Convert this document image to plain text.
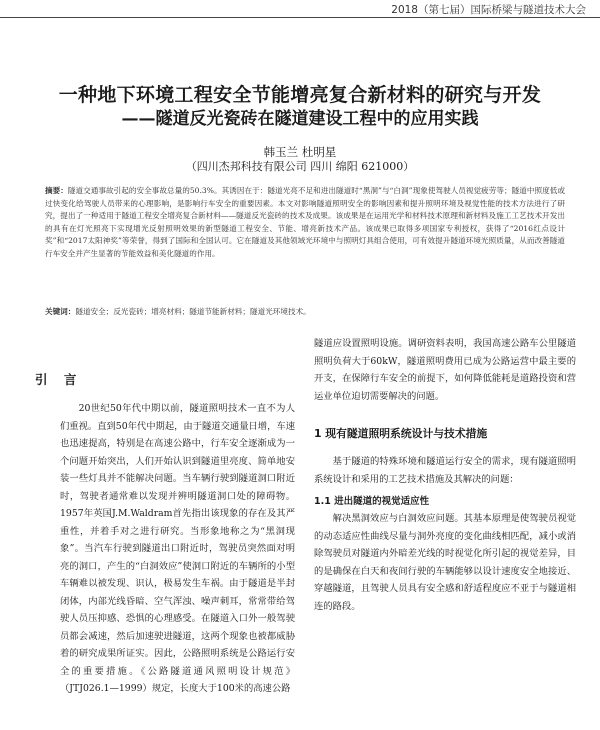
2018（第七届）国际桥梁与隧道技术大会
一种地下环境工程安全节能增亮复合新材料的研究与开发
——隧道反光瓷砖在隧道建设工程中的应用实践
韩玉兰 杜明星
（四川杰邦科技有限公司 四川 绵阳 621000）
摘要：隧道交通事故引起的安全事故总量的50.3%。其诱因在于：隧道光亮不足和进出隧道时“黑洞”与“白洞”现象使驾驶人员视觉疲劳等；隧道中照度低或过快变化给驾驶人员带来的心理影响，是影响行车安全的重要因素。本文对影响隧道照明安全的影响因素和提升照明环境及视觉性能的技术方法进行了研究，提出了一种适用于隧道工程安全增亮复合新材料——隧道反光瓷砖的技术及成果。该成果是在运用光学和材料技术原理和新材料及施工工艺技术开发出的具有在灯光照亮下实现增光反射照明效果的新型隧道工程安全、节能、增亮新技术产品。该成果已取得多项国家专利授权，获得了“2016红点设计奖”和“2017太阳神奖”等荣誉，得到了国际和全国认可。它在隧道及其他领域光环境中与照明灯具组合使用，可有效提升隧道环境光照质量，从而改善隧道行车安全并产生显著的节能效益和美化隧道的作用。
关键词：隧道安全；反光瓷砖；增亮材料；隧道节能新材料；隧道光环境技术。
引 言

20世纪50年代中期以前，隧道照明技术一直不为人们重视。直到50年代中期起，由于隧道交通量日增，车速也迅速提高，特别是在高速公路中，行车安全逐渐成为一个问题开始突出，人们开始认识到隧道里亮度、简单地安装一些灯具并不能解决问题。当车辆行驶到隧道洞口附近时，驾驶者通常难以发现并辨明隧道洞口处的障碍物。1957年英国J.M.Waldram首先指出该现象的存在及其严重性，并着手对之进行研究。当形象地称之为“黑洞现象”。当汽车行驶到隧道出口附近时，驾驶员突然面对明亮的洞口，产生的“白洞效应”使洞口附近的车辆所的小型车辆难以被发现、识认，极易发生车祸。由于隧道是半封闭体，内部光线昏暗、空气浑浊、噪声刺耳，常常带给驾驶人员压抑感、恐惧的心理感受。在隧道入口外一般驾驶员都会减速，然后加速驶进隧道，这两个现象也被都威胁着的研究成果所证实。因此，公路照明系统是公路运行安全的重要措施。《公路隧道通风照明设计规范》（JTJ026.1—1999）规定，长度大于100米的高速公路

隧道应设置照明设施。调研资料表明，我国高速公路车公里隧道照明负荷大于60kW，隧道照明费用已成为公路运营中最主要的开支，在保障行车安全的前提下，如何降低能耗是道路投资和营运业单位迫切需要解决的问题。

1 现有隧道照明系统设计与技术措施

基于隧道的特殊环境和隧道运行安全的需求，现有隧道照明系统设计和采用的工艺技术措施及其解决的问题：

1.1 进出隧道的视觉适应性

解决黑洞效应与白洞效应问题。其基本原理是使驾驶员视觉的动态适应性曲线尽量与洞外亮度的变化曲线相匹配，减小或消除驾驶员对隧道内外暗差光线的时视觉化所引起的视觉差异，目的是确保在白天和夜间行驶的车辆能够以设计速度安全地接近、穿越隧道，且驾驶人员具有安全感和舒适程度应不亚于与隧道相连的路段。
